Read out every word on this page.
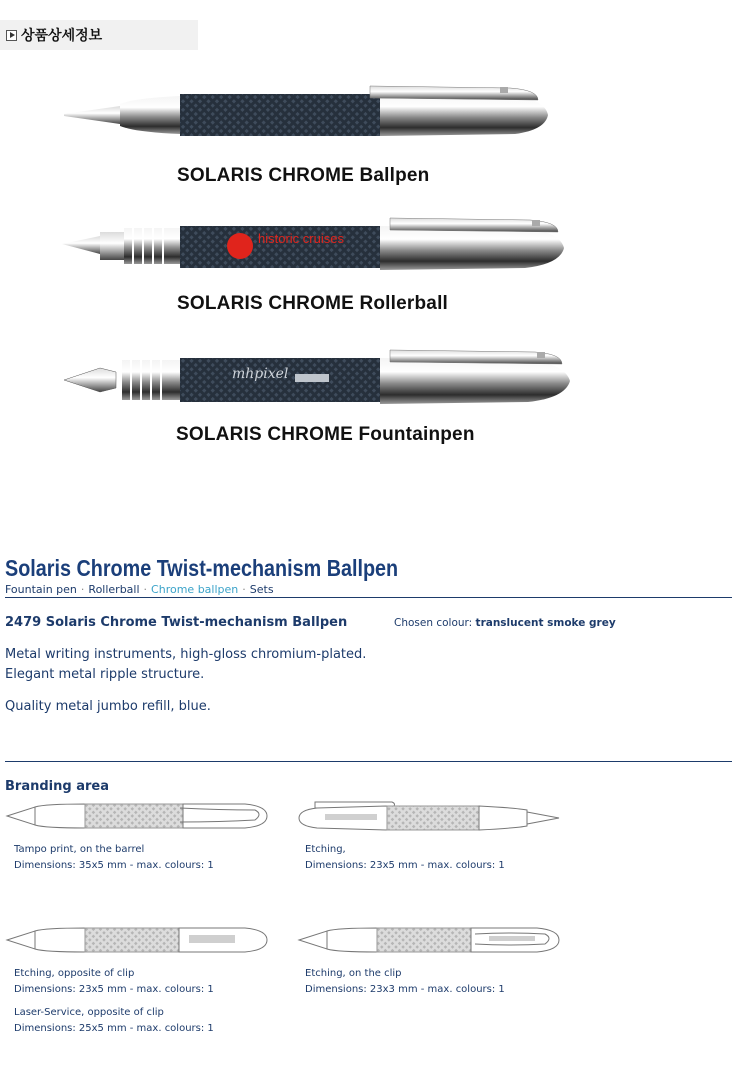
상품상세정보
SOLARIS CHROME Ballpen
historic cruises
SOLARIS CHROME Rollerball
mhpixel
SOLARIS CHROME Fountainpen
Solaris Chrome Twist-mechanism Ballpen
Fountain pen · Rollerball · Chrome ballpen · Sets
2479 Solaris Chrome Twist-mechanism Ballpen	Chosen colour: translucent smoke grey
Metal writing instruments, high-gloss chromium-plated.
Elegant metal ripple structure.
Quality metal jumbo refill, blue.
Branding area
Tampo print, on the barrel
Dimensions: 35x5 mm - max. colours: 1
Etching,
Dimensions: 23x5 mm - max. colours: 1
Etching, opposite of clip
Dimensions: 23x5 mm - max. colours: 1
Laser-Service, opposite of clip
Dimensions: 25x5 mm - max. colours: 1
Etching, on the clip
Dimensions: 23x3 mm - max. colours: 1
